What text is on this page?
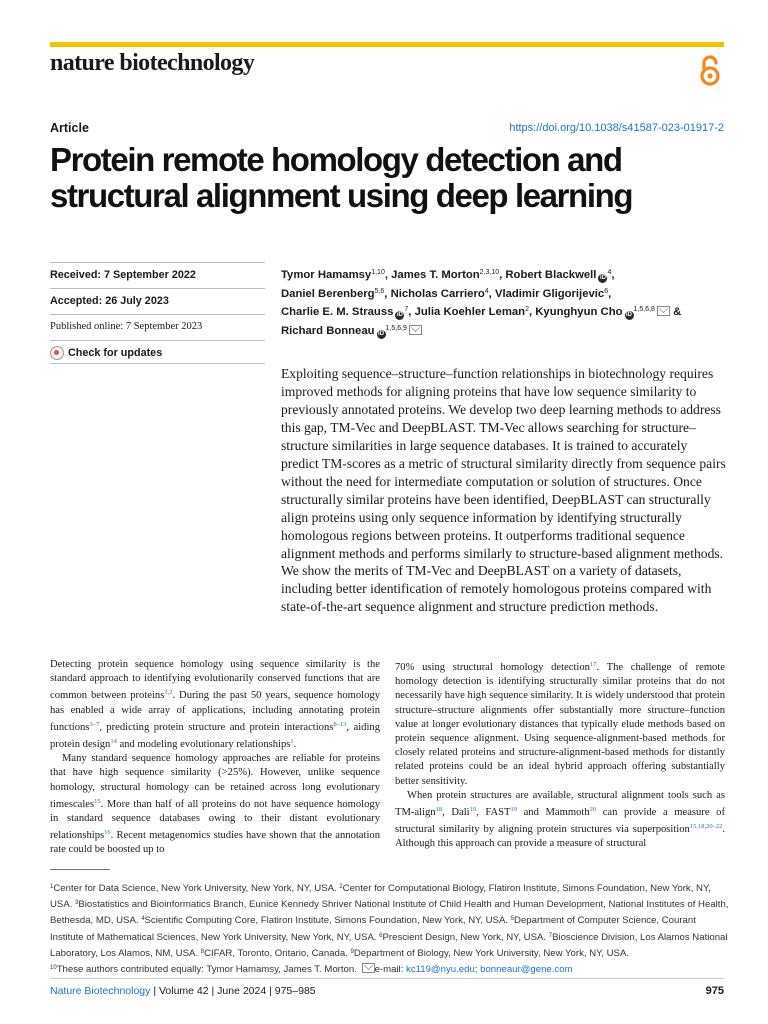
nature biotechnology
Article	https://doi.org/10.1038/s41587-023-01917-2
Protein remote homology detection and
structural alignment using deep learning
Received: 7 September 2022
Accepted: 26 July 2023
Published online: 7 September 2023
Check for updates
Tymor Hamamsy$^{1,10}$, James T. Morton$^{2,3,10}$, Robert Blackwell $iD^4$,
Daniel Berenberg$^{5,6}$, Nicholas Carriero$^4$, Vladimir Gligorijevic$^6$,
Charlie E. M. Strauss $iD^7$, Julia Koehler Leman$^2$, Kyunghyun Cho iD$^{1,5,6,8}$ &
Richard Bonneau iD$^{1,5,6,9}$

Exploiting sequence–structure–function relationships in biotechnology requires improved methods for aligning proteins that have low sequence similarity to previously annotated proteins. We develop two deep learning methods to address this gap, TM-Vec and DeepBLAST. TM-Vec allows searching for structure–structure similarities in large sequence databases. It is trained to accurately predict TM-scores as a metric of structural similarity directly from sequence pairs without the need for intermediate computation or solution of structures. Once structurally similar proteins have been identified, DeepBLAST can structurally align proteins using only sequence information by identifying structurally homologous regions between proteins. It outperforms traditional sequence alignment methods and performs similarly to structure-based alignment methods. We show the merits of TM-Vec and DeepBLAST on a variety of datasets, including better identification of remotely homologous proteins compared with state-of-the-art sequence alignment and structure prediction methods.

Detecting protein sequence homology using sequence similarity is the standard approach to identifying evolutionarily conserved functions that are common between proteins$^{1,2}$. During the past 50 years, sequence homology has enabled a wide array of applications, including annotating protein functions$^{3-7}$, predicting protein structure and protein interactions$^{8-13}$, aiding protein design$^{14}$ and modeling evolutionary relationships$^1$.

Many standard sequence homology approaches are reliable for proteins that have high sequence similarity (>25%). However, unlike sequence homology, structural homology can be retained across long evolutionary timescales$^{15}$. More than half of all proteins do not have sequence homology in standard sequence databases owing to their distant evolutionary relationships$^{16}$. Recent metagenomics studies have shown that the annotation rate could be boosted up to

70% using structural homology detection$^{17}$. The challenge of remote homology detection is identifying structurally similar proteins that do not necessarily have high sequence similarity. It is widely understood that protein structure–structure alignments offer substantially more structure–function value at longer evolutionary distances that typically elude methods based on protein sequence alignment. Using sequence-alignment-based methods for closely related proteins and structure-alignment-based methods for distantly related proteins could be an ideal hybrid approach offering substantially better sensitivity.

When protein structures are available, structural alignment tools such as TM-align$^{18}$, Dali$^{19}$, FAST$^{19}$ and Mammoth$^{20}$ can provide a measure of structural similarity by aligning protein structures via superposition$^{15,18,20-22}$. Although this approach can provide a measure of structural

$^1$Center for Data Science, New York University, New York, NY, USA. $^2$Center for Computational Biology, Flatiron Institute, Simons Foundation, New York, NY, USA. $^3$Biostatistics and Bioinformatics Branch, Eunice Kennedy Shriver National Institute of Child Health and Human Development, National Institutes of Health, Bethesda, MD, USA. $^4$Scientific Computing Core, Flatiron Institute, Simons Foundation, New York, NY, USA. $^5$Department of Computer Science, Courant Institute of Mathematical Sciences, New York University, New York, NY, USA. $^6$Prescient Design, New York, NY, USA. $^7$Bioscience Division, Los Alamos National Laboratory, Los Alamos, NM, USA. $^8$CIFAR, Toronto, Ontario, Canada. $^9$Department of Biology, New York University, New York, NY, USA.
$^{10}$These authors contributed equally: Tymor Hamamsy, James T. Morton. e-mail: kc119@nyu.edu; bonneaur@gene.com

Nature Biotechnology | Volume 42 | June 2024 | 975–985	975
